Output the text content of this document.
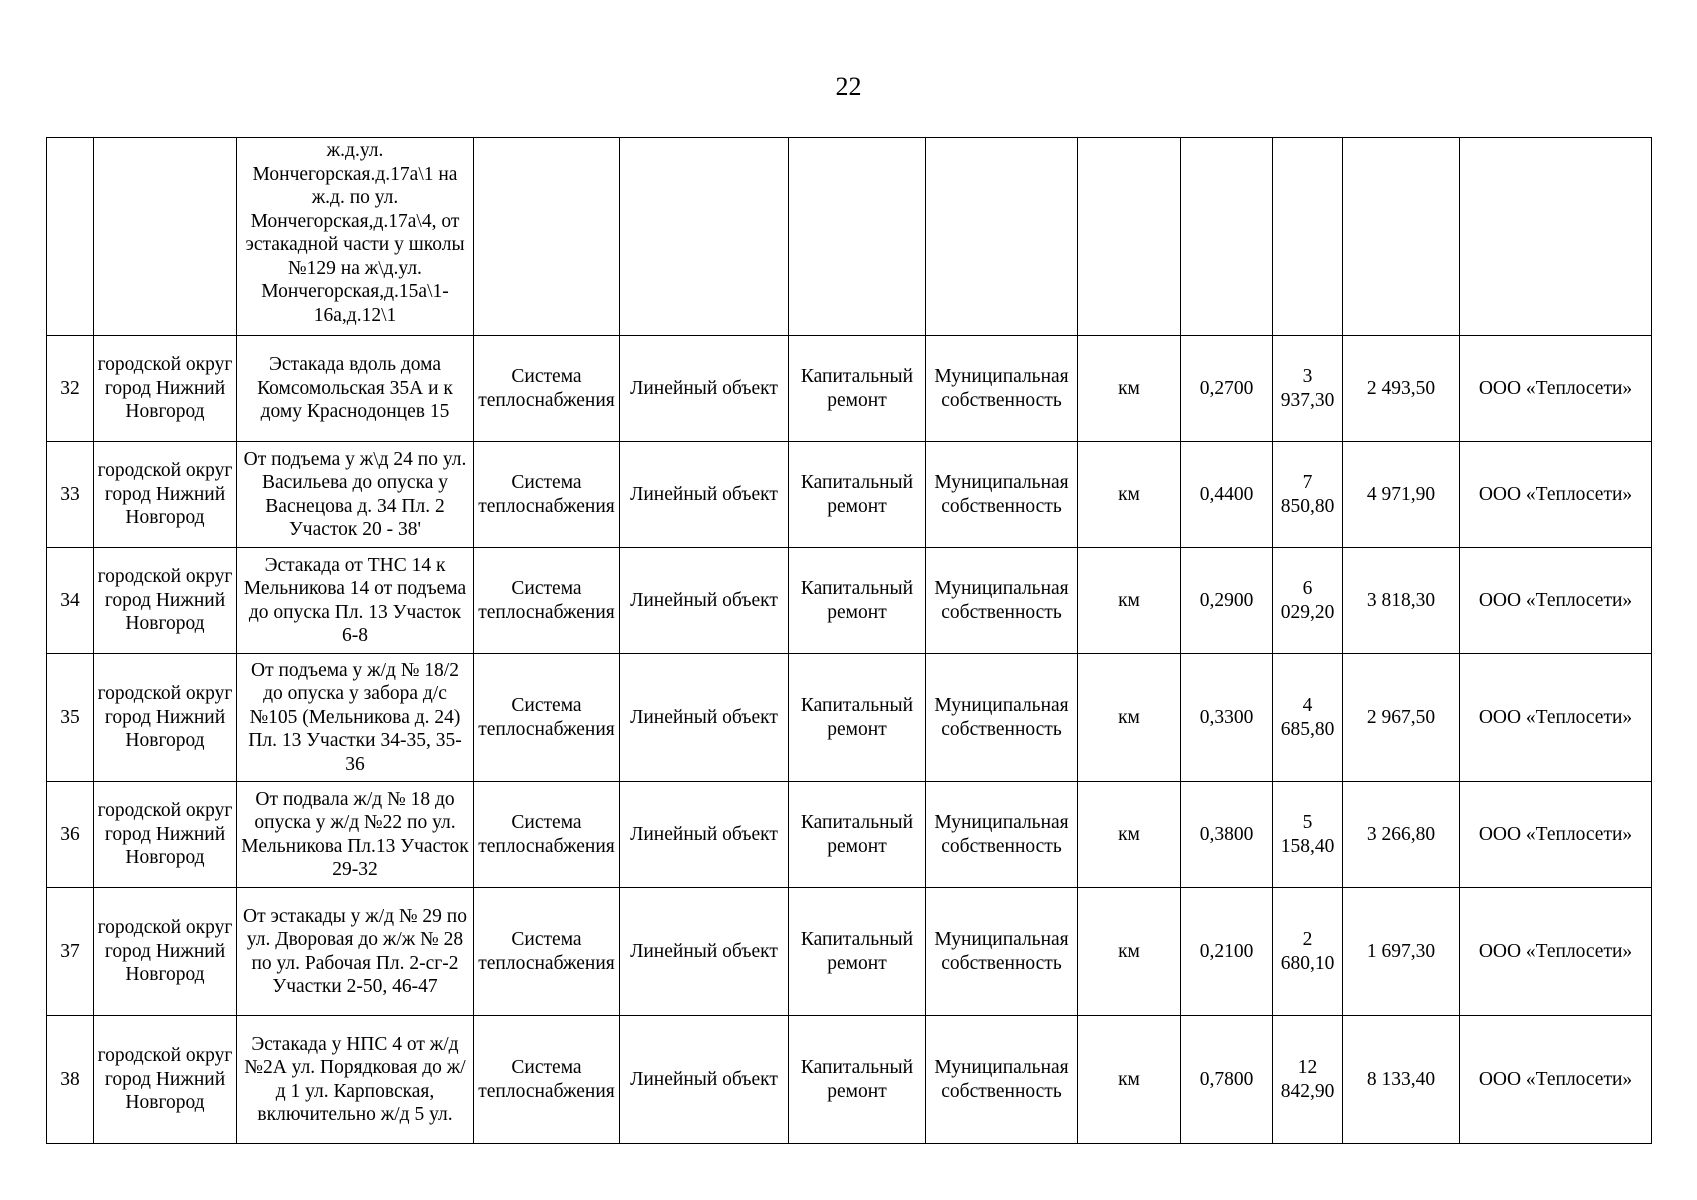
22
		ж.д.ул. Мончегорская.д.17а\1 на ж.д. по ул. Мончегорская,д.17а\4, от эстакадной части у школы №129 на ж\д.ул. Мончегорская,д.15а\1-16а,д.12\1									
32	городской округ город Нижний Новгород	Эстакада вдоль дома Комсомольская 35А и к дому Краснодонцев 15	Система теплоснабжения	Линейный объект	Капитальный ремонт	Муниципальная собственность	км	0,2700	3 937,30	2 493,50	ООО «Теплосети»
33	городской округ город Нижний Новгород	От подъема у ж\д 24 по ул. Васильева до опуска у Васнецова д. 34 Пл. 2 Участок 20 - 38'	Система теплоснабжения	Линейный объект	Капитальный ремонт	Муниципальная собственность	км	0,4400	7 850,80	4 971,90	ООО «Теплосети»
34	городской округ город Нижний Новгород	Эстакада от ТНС 14 к Мельникова 14 от подъема до опуска Пл. 13 Участок 6-8	Система теплоснабжения	Линейный объект	Капитальный ремонт	Муниципальная собственность	км	0,2900	6 029,20	3 818,30	ООО «Теплосети»
35	городской округ город Нижний Новгород	От подъема у ж/д № 18/2 до опуска у забора д/с №105 (Мельникова д. 24) Пл. 13 Участки 34-35, 35-36	Система теплоснабжения	Линейный объект	Капитальный ремонт	Муниципальная собственность	км	0,3300	4 685,80	2 967,50	ООО «Теплосети»
36	городской округ город Нижний Новгород	От подвала ж/д № 18 до опуска у ж/д №22 по ул. Мельникова Пл.13 Участок 29-32	Система теплоснабжения	Линейный объект	Капитальный ремонт	Муниципальная собственность	км	0,3800	5 158,40	3 266,80	ООО «Теплосети»
37	городской округ город Нижний Новгород	От эстакады у ж/д № 29 по ул. Дворовая до ж/ж № 28 по ул. Рабочая Пл. 2-сг-2 Участки 2-50, 46-47	Система теплоснабжения	Линейный объект	Капитальный ремонт	Муниципальная собственность	км	0,2100	2 680,10	1 697,30	ООО «Теплосети»
38	городской округ город Нижний Новгород	Эстакада у НПС 4 от ж/д №2А ул. Порядковая до ж/д 1 ул. Карповская, включительно ж/д 5 ул.	Система теплоснабжения	Линейный объект	Капитальный ремонт	Муниципальная собственность	км	0,7800	12 842,90	8 133,40	ООО «Теплосети»
